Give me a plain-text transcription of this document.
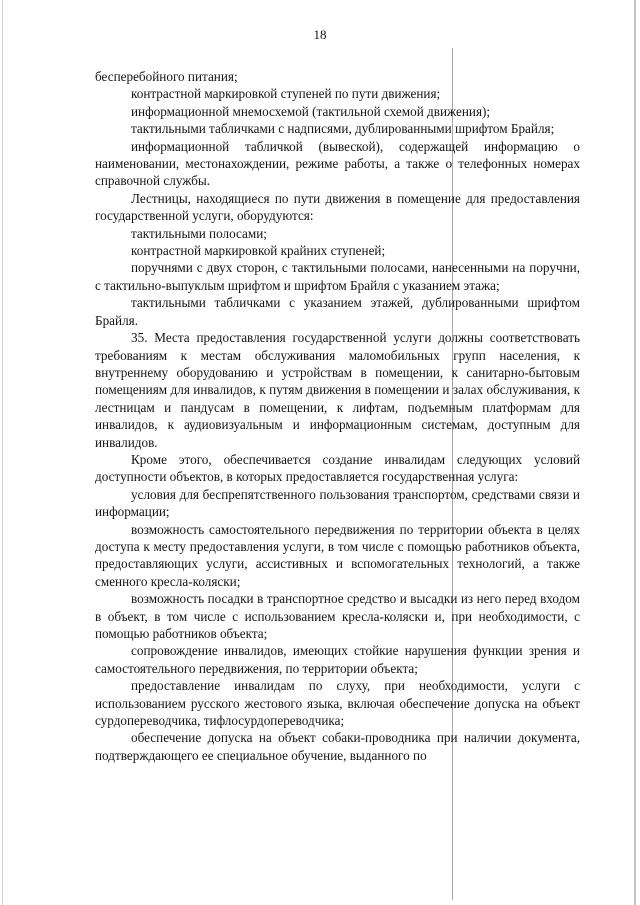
18

бесперебойного питания;

контрастной маркировкой ступеней по пути движения;

информационной мнемосхемой (тактильной схемой движения);

тактильными табличками с надписями, дублированными шрифтом Брайля;

информационной табличкой (вывеской), содержащей информацию о наименовании, местонахождении, режиме работы, а также о телефонных номерах справочной службы.

Лестницы, находящиеся по пути движения в помещение для предоставления государственной услуги, оборудуются:

тактильными полосами;

контрастной маркировкой крайних ступеней;

поручнями с двух сторон, с тактильными полосами, нанесенными на поручни, с тактильно-выпуклым шрифтом и шрифтом Брайля с указанием этажа;

тактильными табличками с указанием этажей, дублированными шрифтом Брайля.

35. Места предоставления государственной услуги должны соответствовать требованиям к местам обслуживания маломобильных групп населения, к внутреннему оборудованию и устройствам в помещении, к санитарно-бытовым помещениям для инвалидов, к путям движения в помещении и залах обслуживания, к лестницам и пандусам в помещении, к лифтам, подъемным платформам для инвалидов, к аудиовизуальным и информационным системам, доступным для инвалидов.

Кроме этого, обеспечивается создание инвалидам следующих условий доступности объектов, в которых предоставляется государственная услуга:

условия для беспрепятственного пользования транспортом, средствами связи и информации;

возможность самостоятельного передвижения по территории объекта в целях доступа к месту предоставления услуги, в том числе с помощью работников объекта, предоставляющих услуги, ассистивных и вспомогательных технологий, а также сменного кресла-коляски;

возможность посадки в транспортное средство и высадки из него перед входом в объект, в том числе с использованием кресла-коляски и, при необходимости, с помощью работников объекта;

сопровождение инвалидов, имеющих стойкие нарушения функции зрения и самостоятельного передвижения, по территории объекта;

предоставление инвалидам по слуху, при необходимости, услуги с использованием русского жестового языка, включая обеспечение допуска на объект сурдопереводчика, тифлосурдопереводчика;

обеспечение допуска на объект собаки-проводника при наличии документа, подтверждающего ее специальное обучение, выданного по
